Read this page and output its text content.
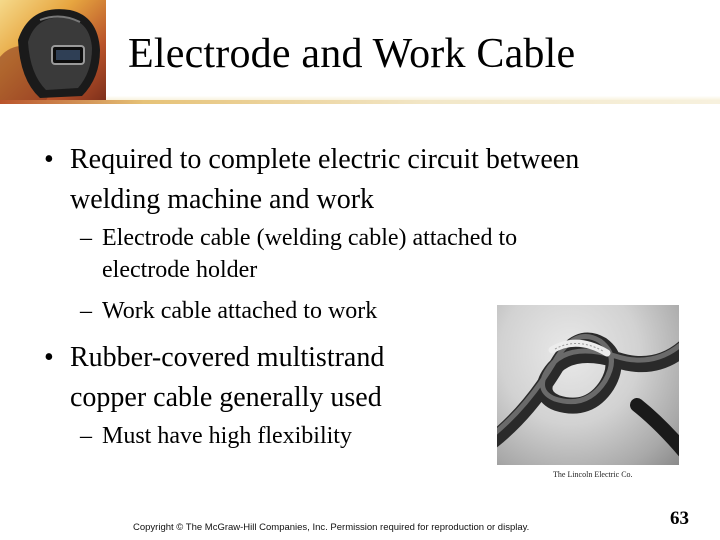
Electrode and Work Cable
• Required to complete electric circuit between welding machine and work
– Electrode cable (welding cable) attached to electrode holder
– Work cable attached to work
• Rubber-covered multistrand copper cable generally used
– Must have high flexibility
The Lincoln Electric Co.
Copyright © The McGraw-Hill Companies, Inc. Permission required for reproduction or display.	63
